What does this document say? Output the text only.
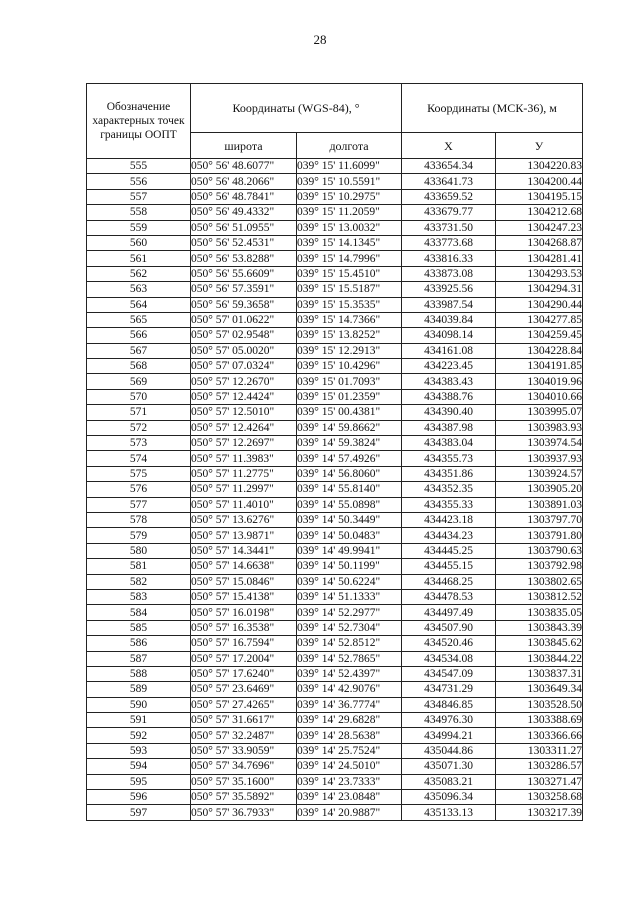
28
Обозначение характерных точек границы ООПТ	Координаты (WGS-84), °		Координаты (МСК-36), м	
	широта	долгота	X	У
555	050° 56' 48.6077"	039° 15' 11.6099"	433654.34	1304220.83
556	050° 56' 48.2066"	039° 15' 10.5591"	433641.73	1304200.44
557	050° 56' 48.7841"	039° 15' 10.2975"	433659.52	1304195.15
558	050° 56' 49.4332"	039° 15' 11.2059"	433679.77	1304212.68
559	050° 56' 51.0955"	039° 15' 13.0032"	433731.50	1304247.23
560	050° 56' 52.4531"	039° 15' 14.1345"	433773.68	1304268.87
561	050° 56' 53.8288"	039° 15' 14.7996"	433816.33	1304281.41
562	050° 56' 55.6609"	039° 15' 15.4510"	433873.08	1304293.53
563	050° 56' 57.3591"	039° 15' 15.5187"	433925.56	1304294.31
564	050° 56' 59.3658"	039° 15' 15.3535"	433987.54	1304290.44
565	050° 57' 01.0622"	039° 15' 14.7366"	434039.84	1304277.85
566	050° 57' 02.9548"	039° 15' 13.8252"	434098.14	1304259.45
567	050° 57' 05.0020"	039° 15' 12.2913"	434161.08	1304228.84
568	050° 57' 07.0324"	039° 15' 10.4296"	434223.45	1304191.85
569	050° 57' 12.2670"	039° 15' 01.7093"	434383.43	1304019.96
570	050° 57' 12.4424"	039° 15' 01.2359"	434388.76	1304010.66
571	050° 57' 12.5010"	039° 15' 00.4381"	434390.40	1303995.07
572	050° 57' 12.4264"	039° 14' 59.8662"	434387.98	1303983.93
573	050° 57' 12.2697"	039° 14' 59.3824"	434383.04	1303974.54
574	050° 57' 11.3983"	039° 14' 57.4926"	434355.73	1303937.93
575	050° 57' 11.2775"	039° 14' 56.8060"	434351.86	1303924.57
576	050° 57' 11.2997"	039° 14' 55.8140"	434352.35	1303905.20
577	050° 57' 11.4010"	039° 14' 55.0898"	434355.33	1303891.03
578	050° 57' 13.6276"	039° 14' 50.3449"	434423.18	1303797.70
579	050° 57' 13.9871"	039° 14' 50.0483"	434434.23	1303791.80
580	050° 57' 14.3441"	039° 14' 49.9941"	434445.25	1303790.63
581	050° 57' 14.6638"	039° 14' 50.1199"	434455.15	1303792.98
582	050° 57' 15.0846"	039° 14' 50.6224"	434468.25	1303802.65
583	050° 57' 15.4138"	039° 14' 51.1333"	434478.53	1303812.52
584	050° 57' 16.0198"	039° 14' 52.2977"	434497.49	1303835.05
585	050° 57' 16.3538"	039° 14' 52.7304"	434507.90	1303843.39
586	050° 57' 16.7594"	039° 14' 52.8512"	434520.46	1303845.62
587	050° 57' 17.2004"	039° 14' 52.7865"	434534.08	1303844.22
588	050° 57' 17.6240"	039° 14' 52.4397"	434547.09	1303837.31
589	050° 57' 23.6469"	039° 14' 42.9076"	434731.29	1303649.34
590	050° 57' 27.4265"	039° 14' 36.7774"	434846.85	1303528.50
591	050° 57' 31.6617"	039° 14' 29.6828"	434976.30	1303388.69
592	050° 57' 32.2487"	039° 14' 28.5638"	434994.21	1303366.66
593	050° 57' 33.9059"	039° 14' 25.7524"	435044.86	1303311.27
594	050° 57' 34.7696"	039° 14' 24.5010"	435071.30	1303286.57
595	050° 57' 35.1600"	039° 14' 23.7333"	435083.21	1303271.47
596	050° 57' 35.5892"	039° 14' 23.0848"	435096.34	1303258.68
597	050° 57' 36.7933"	039° 14' 20.9887"	435133.13	1303217.39
